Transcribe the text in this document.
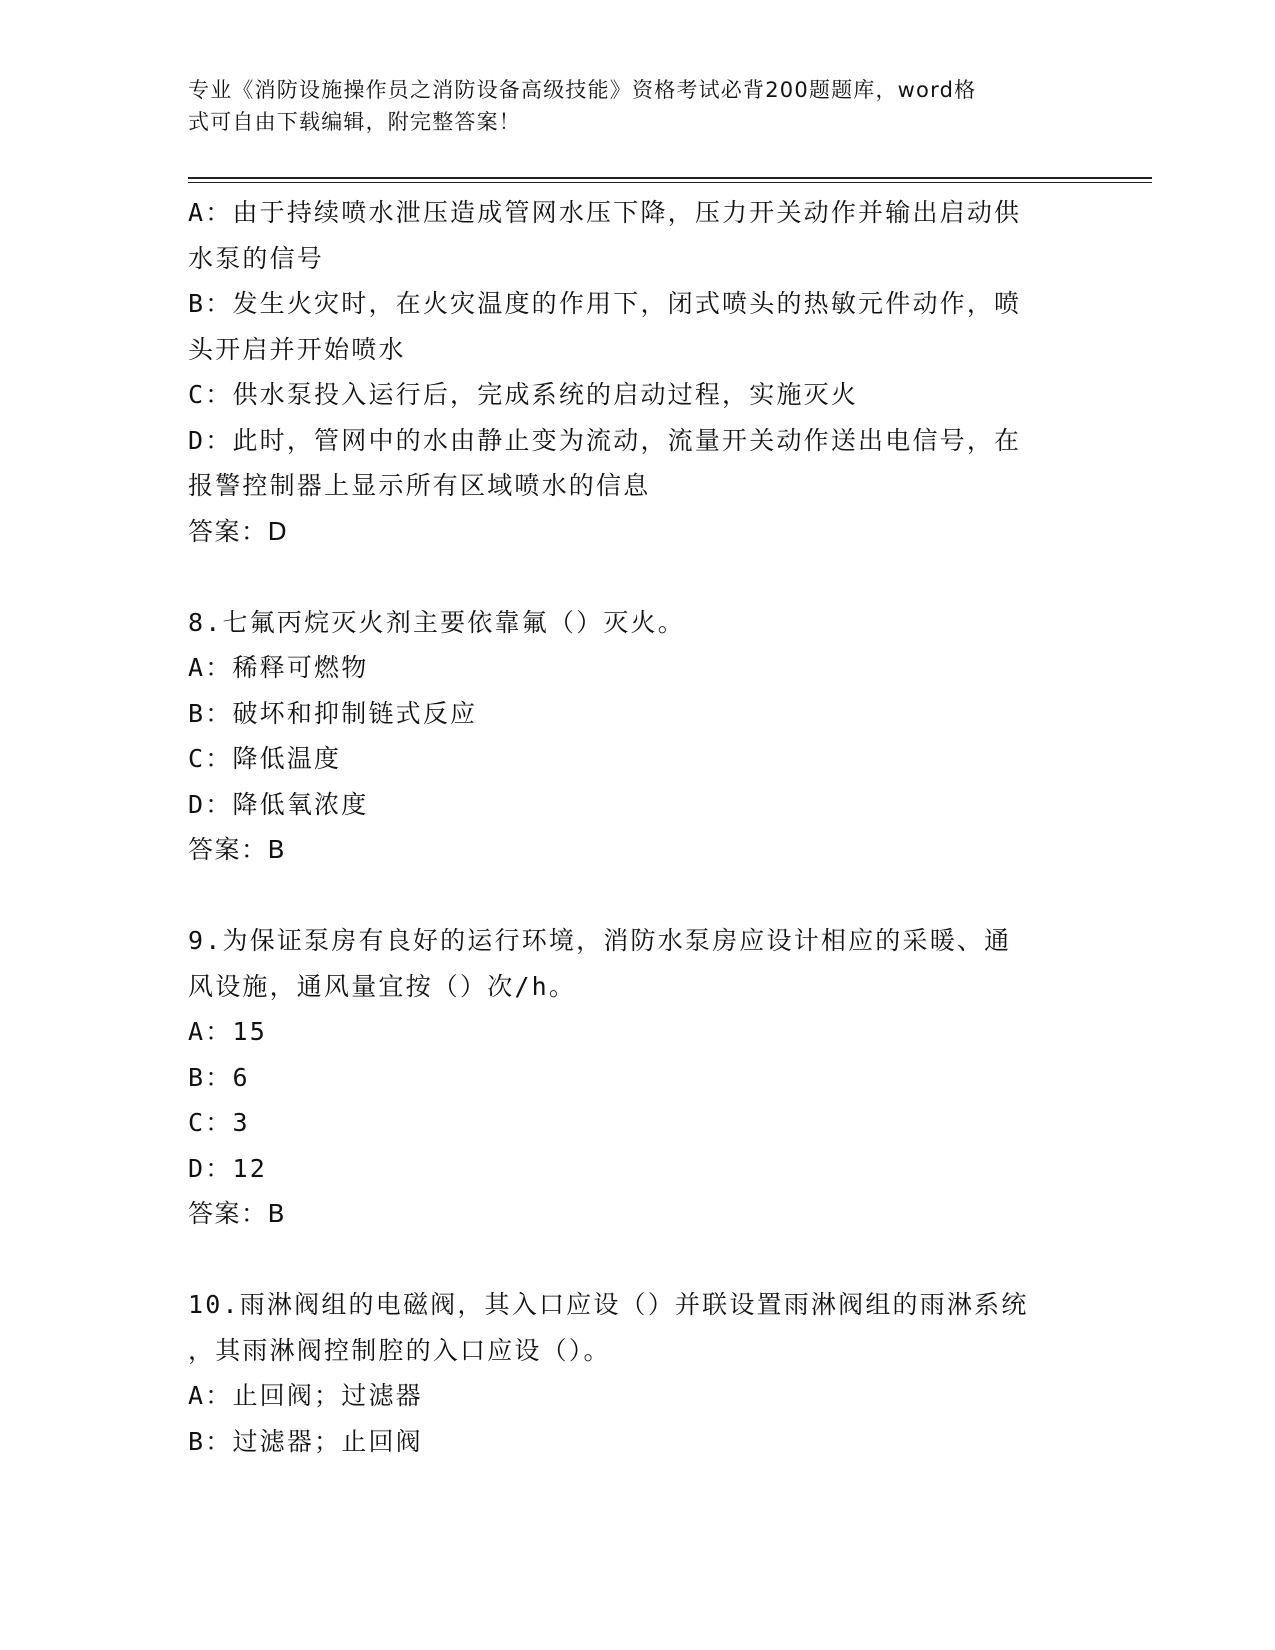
专业《消防设施操作员之消防设备高级技能》资格考试必背200题题库，word格
式可自由下载编辑，附完整答案！
A：由于持续喷水泄压造成管网水压下降，压力开关动作并输出启动供
水泵的信号
B：发生火灾时，在火灾温度的作用下，闭式喷头的热敏元件动作，喷
头开启并开始喷水
C：供水泵投入运行后，完成系统的启动过程，实施灭火
D：此时，管网中的水由静止变为流动，流量开关动作送出电信号，在
报警控制器上显示所有区域喷水的信息
答案：D
8.七氟丙烷灭火剂主要依靠氟（）灭火。
A：稀释可燃物
B：破坏和抑制链式反应
C：降低温度
D：降低氧浓度
答案：B
9.为保证泵房有良好的运行环境，消防水泵房应设计相应的采暖、通
风设施，通风量宜按（）次/h。
A：15
B：6
C：3
D：12
答案：B
10.雨淋阀组的电磁阀，其入口应设（）并联设置雨淋阀组的雨淋系统
，其雨淋阀控制腔的入口应设（）。
A：止回阀；过滤器
B：过滤器；止回阀
